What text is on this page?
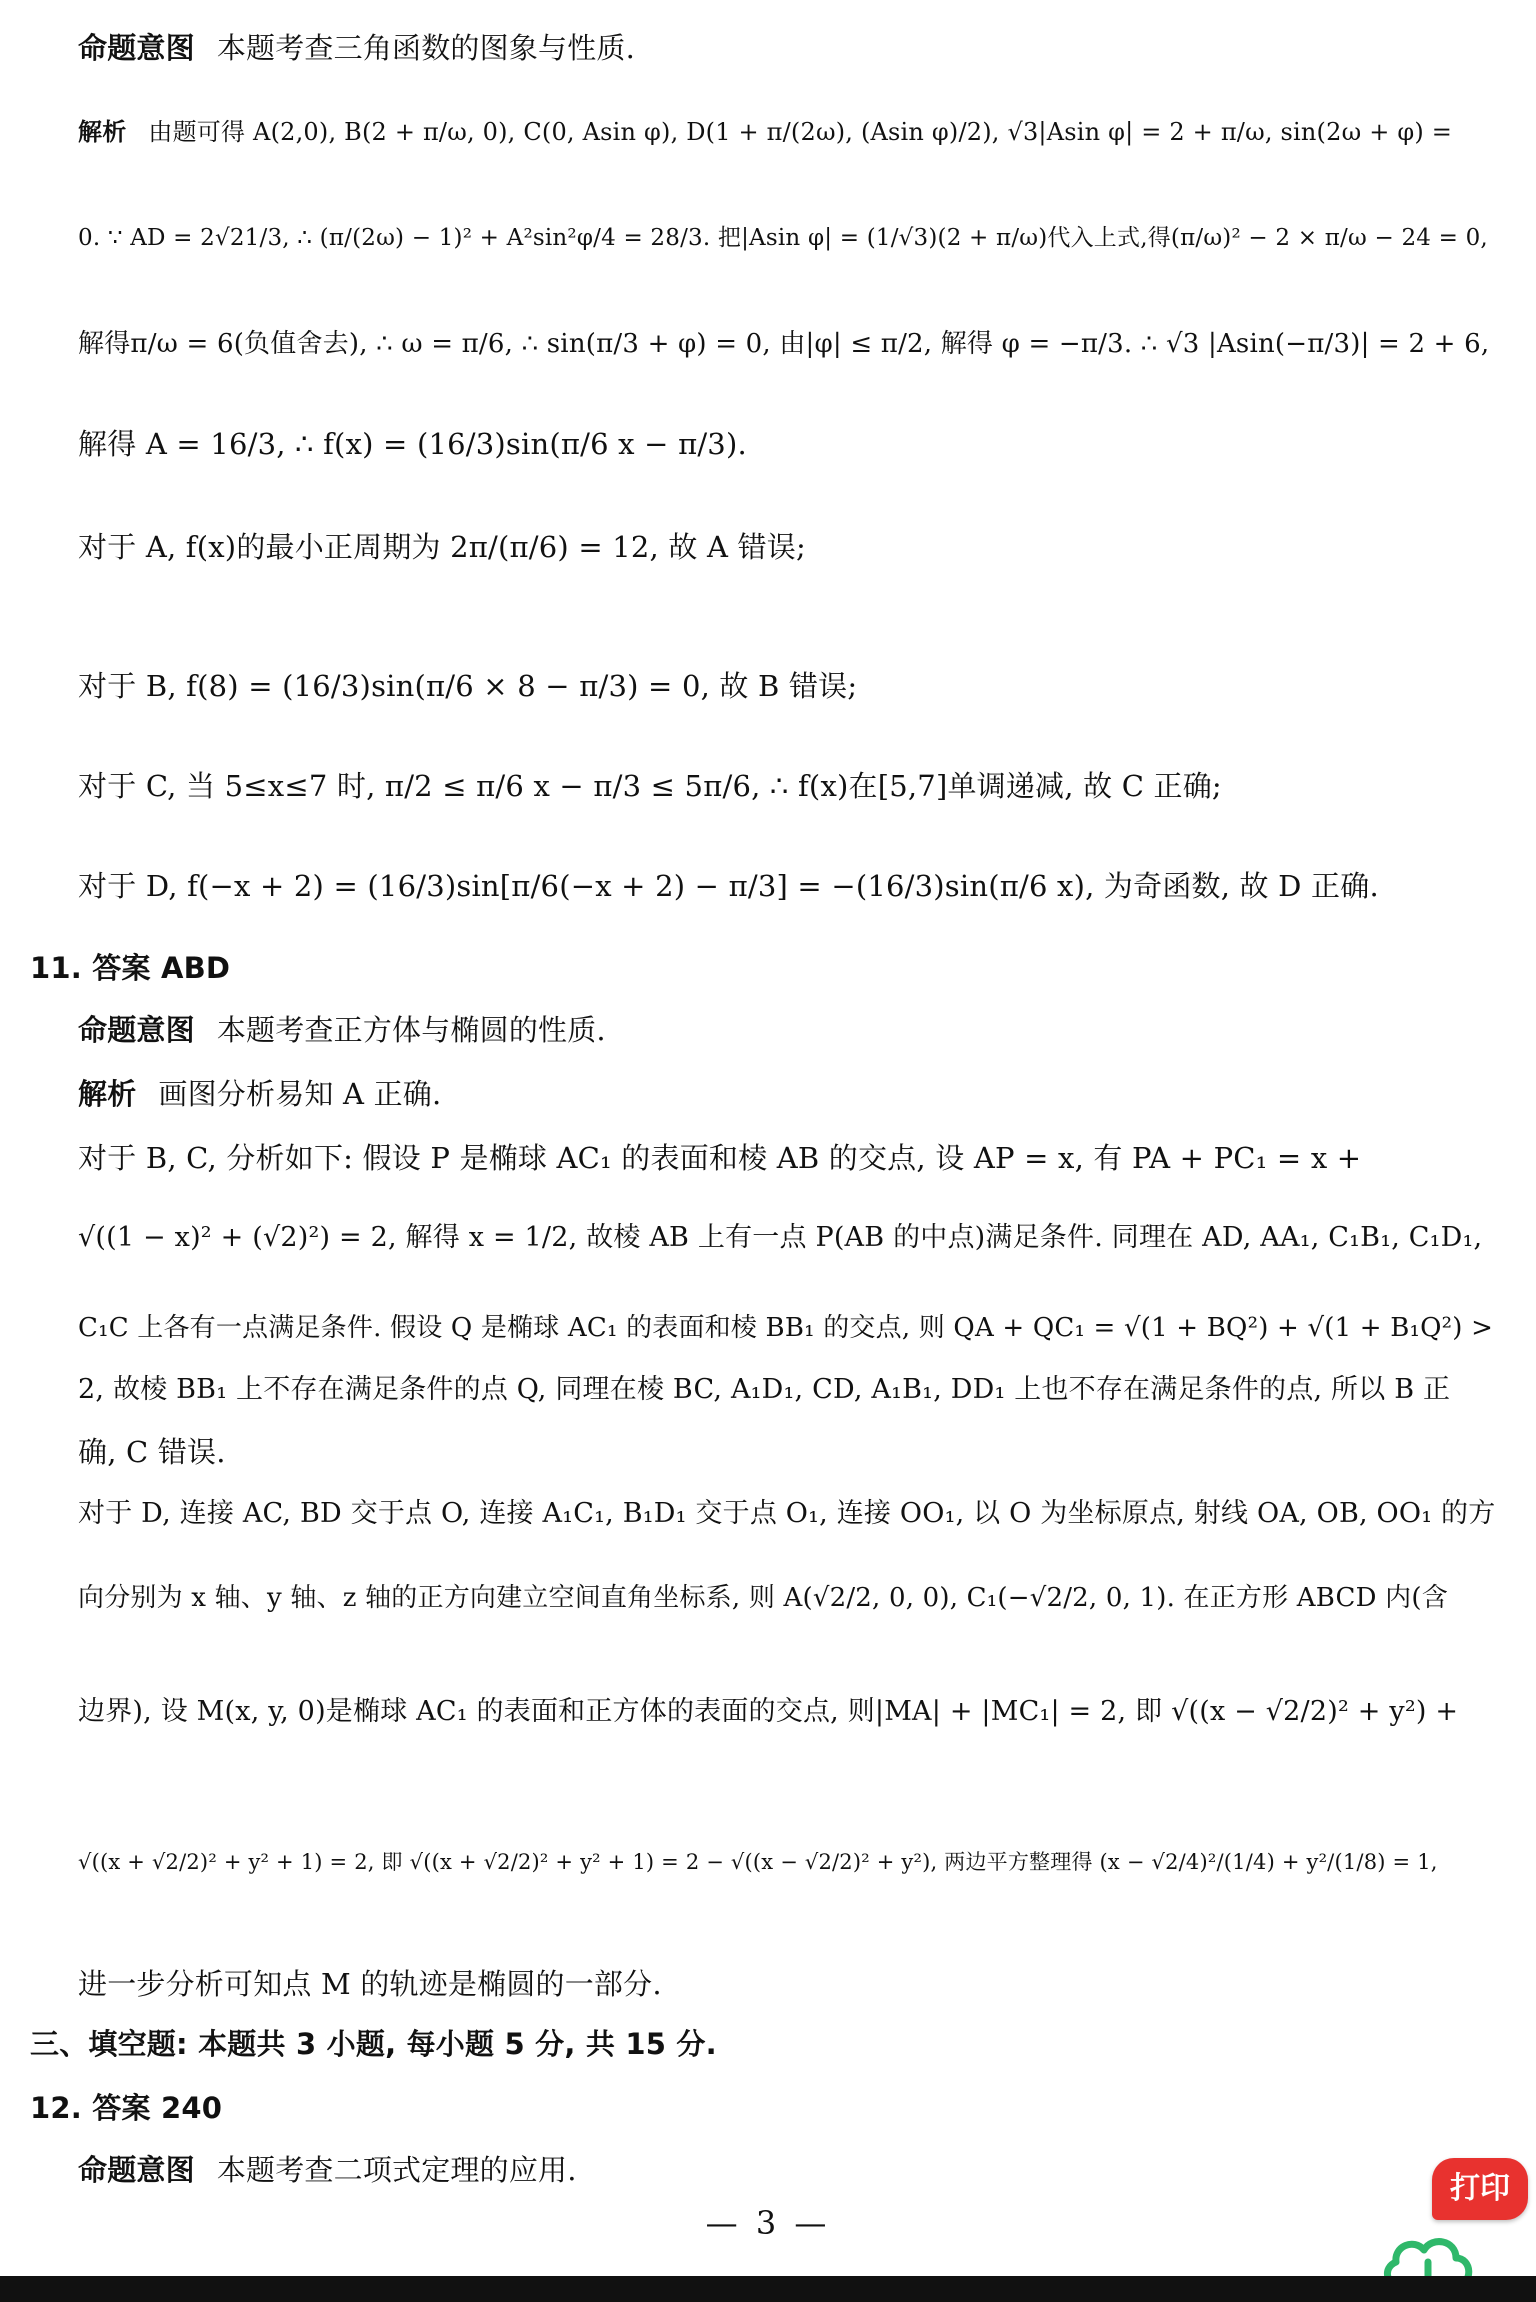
命题意图 本题考查三角函数的图象与性质.
解析 由题可得 A(2,0), B(2 + π/ω, 0), C(0, Asin φ), D(1 + π/(2ω), (Asin φ)/2), √3|Asin φ| = 2 + π/ω, sin(2ω + φ) =
0. ∵ AD = 2√21/3, ∴ (π/(2ω) − 1)² + A²sin²φ/4 = 28/3. 把|Asin φ| = (1/√3)(2 + π/ω)代入上式,得(π/ω)² − 2 × π/ω − 24 = 0,
解得π/ω = 6(负值舍去), ∴ ω = π/6, ∴ sin(π/3 + φ) = 0, 由|φ| ≤ π/2, 解得 φ = −π/3. ∴ √3 |Asin(−π/3)| = 2 + 6,
解得 A = 16/3, ∴ f(x) = (16/3)sin(π/6 x − π/3).
对于 A, f(x)的最小正周期为 2π/(π/6) = 12, 故 A 错误;
对于 B, f(8) = (16/3)sin(π/6 × 8 − π/3) = 0, 故 B 错误;
对于 C, 当 5≤x≤7 时, π/2 ≤ π/6 x − π/3 ≤ 5π/6, ∴ f(x)在[5,7]单调递减, 故 C 正确;
对于 D, f(−x + 2) = (16/3)sin[π/6(−x + 2) − π/3] = −(16/3)sin(π/6 x), 为奇函数, 故 D 正确.
11. 答案 ABD
命题意图 本题考查正方体与椭圆的性质.
解析 画图分析易知 A 正确.
对于 B, C, 分析如下: 假设 P 是椭球 AC₁ 的表面和棱 AB 的交点, 设 AP = x, 有 PA + PC₁ = x +
√((1 − x)² + (√2)²) = 2, 解得 x = 1/2, 故棱 AB 上有一点 P(AB 的中点)满足条件. 同理在 AD, AA₁, C₁B₁, C₁D₁,
C₁C 上各有一点满足条件. 假设 Q 是椭球 AC₁ 的表面和棱 BB₁ 的交点, 则 QA + QC₁ = √(1 + BQ²) + √(1 + B₁Q²) >
2, 故棱 BB₁ 上不存在满足条件的点 Q, 同理在棱 BC, A₁D₁, CD, A₁B₁, DD₁ 上也不存在满足条件的点, 所以 B 正
确, C 错误.
对于 D, 连接 AC, BD 交于点 O, 连接 A₁C₁, B₁D₁ 交于点 O₁, 连接 OO₁, 以 O 为坐标原点, 射线 OA, OB, OO₁ 的方
向分别为 x 轴、y 轴、z 轴的正方向建立空间直角坐标系, 则 A(√2/2, 0, 0), C₁(−√2/2, 0, 1). 在正方形 ABCD 内(含
边界), 设 M(x, y, 0)是椭球 AC₁ 的表面和正方体的表面的交点, 则|MA| + |MC₁| = 2, 即 √((x − √2/2)² + y²) +
√((x + √2/2)² + y² + 1) = 2, 即 √((x + √2/2)² + y² + 1) = 2 − √((x − √2/2)² + y²), 两边平方整理得 (x − √2/4)²/(1/4) + y²/(1/8) = 1,
进一步分析可知点 M 的轨迹是椭圆的一部分.
三、填空题: 本题共 3 小题, 每小题 5 分, 共 15 分.
12. 答案 240
命题意图 本题考查二项式定理的应用.
— 3 —
打印
